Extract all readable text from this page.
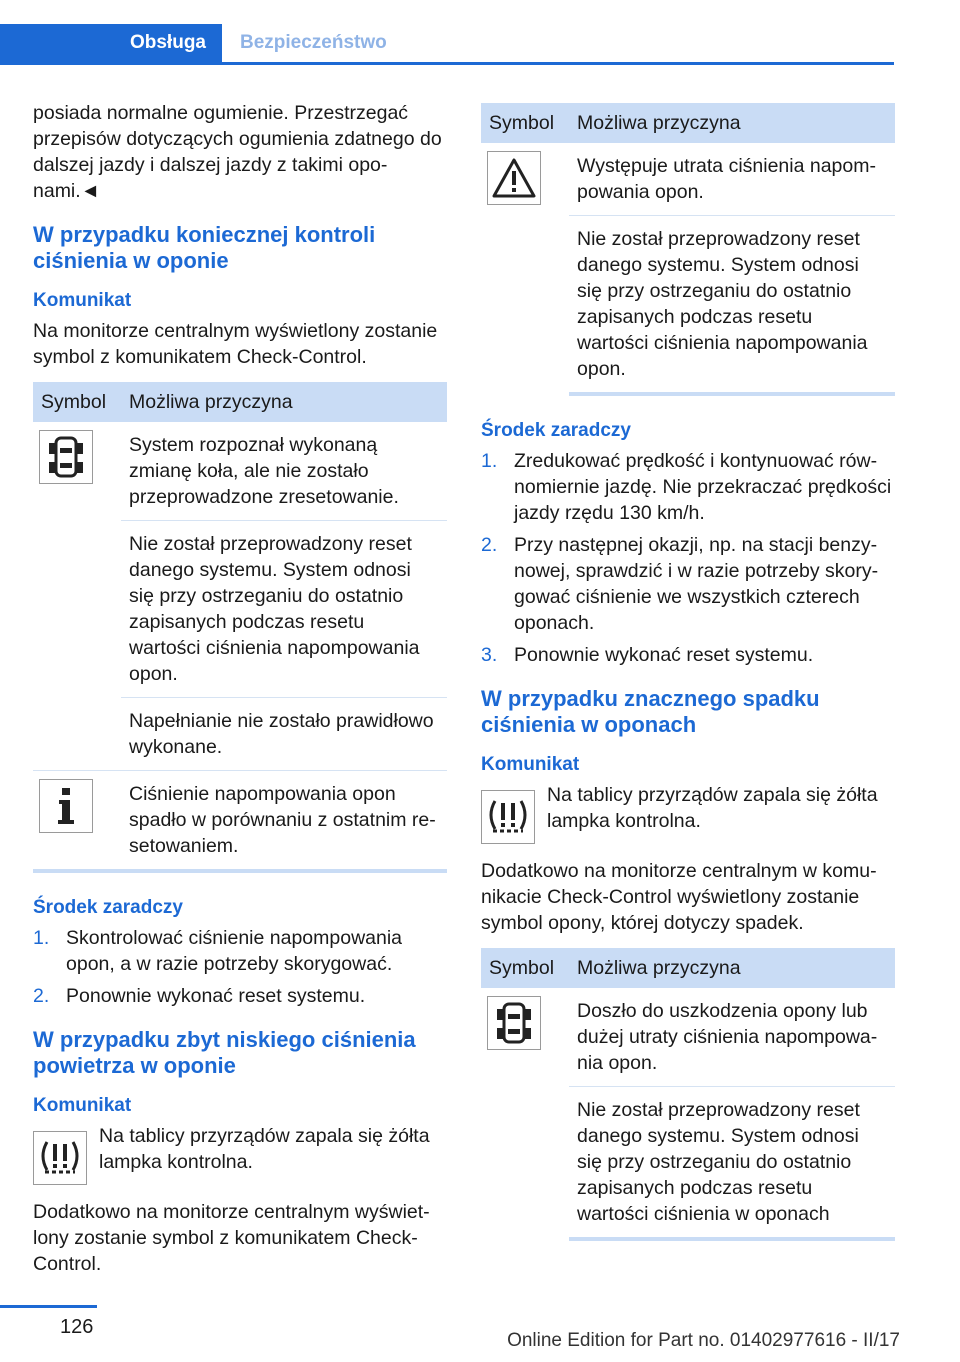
Obsługa	Bezpieczeństwo

posiada normalne ogumienie. Przestrzegać przepisów dotyczących ogumienia zdatnego do dalszej jazdy i dalszej jazdy z takimi oponami.◄

W przypadku koniecznej kontroli ciśnienia w oponie
Komunikat

Na monitorze centralnym wyświetlony zostanie symbol z komunikatem Check-Control.

Symbol	Możliwa przyczyna

	System rozpoznał wykonaną zmianę koła, ale nie zostało przeprowadzone zresetowanie.
	Nie został przeprowadzony reset danego systemu. System odnosi się przy ostrzeganiu do ostatnio zapisanych podczas resetu wartości ciśnienia napompowania opon.
	Napełnianie nie zostało prawidłowo wykonane.

	Ciśnienie napompowania opon spadło w porównaniu z ostatnim resetowaniem.
Środek zaradczy
1. Skontrolować ciśnienie napompowania opon, a w razie potrzeby skorygować.
2. Ponownie wykonać reset systemu.
W przypadku zbyt niskiego ciśnienia powietrza w oponie
Komunikat
Na tablicy przyrządów zapala się żółta lampka kontrolna.

Dodatkowo na monitorze centralnym wyświetlony zostanie symbol z komunikatem Check-Control.

Symbol	Możliwa przyczyna

	Występuje utrata ciśnienia napompowania opon.
	Nie został przeprowadzony reset danego systemu. System odnosi się przy ostrzeganiu do ostatnio zapisanych podczas resetu wartości ciśnienia napompowania opon.
Środek zaradczy
1. Zredukować prędkość i kontynuować równomiernie jazdę. Nie przekraczać prędkości jazdy rzędu 130 km/h.
2. Przy następnej okazji, np. na stacji benzynowej, sprawdzić i w razie potrzeby skorygować ciśnienie we wszystkich czterech oponach.
3. Ponownie wykonać reset systemu.
W przypadku znacznego spadku ciśnienia w oponach
Komunikat
Na tablicy przyrządów zapala się żółta lampka kontrolna.

Dodatkowo na monitorze centralnym w komunikacie Check-Control wyświetlony zostanie symbol opony, której dotyczy spadek.

Symbol	Możliwa przyczyna

	Doszło do uszkodzenia opony lub dużej utraty ciśnienia napompowania opon.
	Nie został przeprowadzony reset danego systemu. System odnosi się przy ostrzeganiu do ostatnio zapisanych podczas resetu wartości ciśnienia w oponach
126
Online Edition for Part no. 01402977616 - II/17
